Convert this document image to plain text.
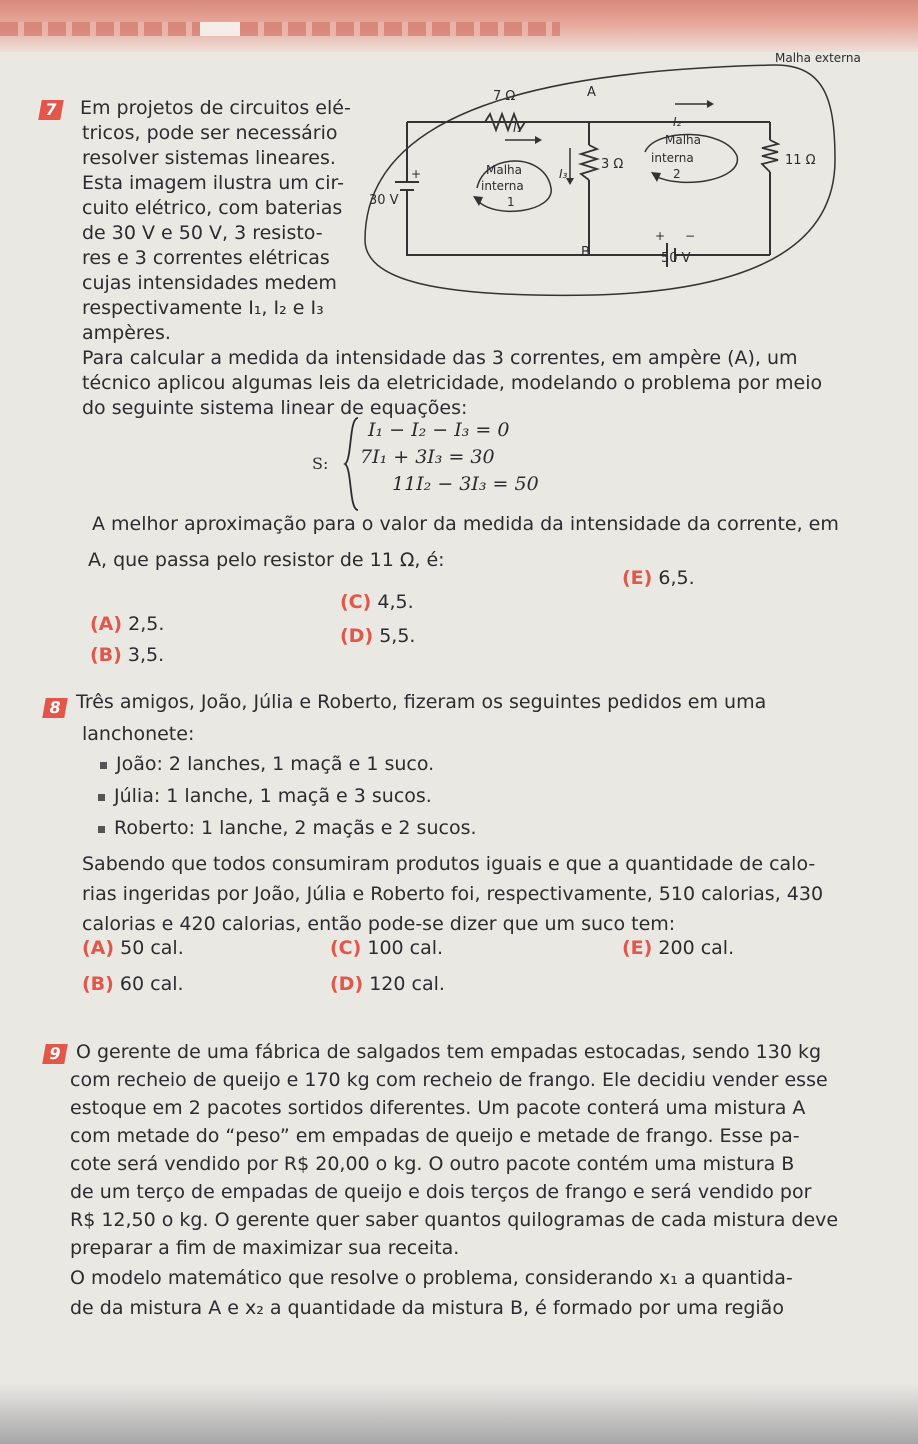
7 Em projetos de circuitos elé-
tricos, pode ser necessário
resolver sistemas lineares.
Esta imagem ilustra um cir-
cuito elétrico, com baterias
de 30 V e 50 V, 3 resisto-
res e 3 correntes elétricas
cujas intensidades medem
respectivamente I₁, I₂ e I₃
ampères.
Malha externa
7 Ω	A
I₁	I₂
I₃
3 Ω	11 Ω
Malha
interna
1
Malha
interna
2
30 V
+
+ −
B	50 V
Para calcular a medida da intensidade das 3 correntes, em ampère (A), um
técnico aplicou algumas leis da eletricidade, modelando o problema por meio
do seguinte sistema linear de equações:
S:
I₁ − I₂ − I₃ = 0
7I₁ + 3I₃ = 30
11I₂ − 3I₃ = 50
A melhor aproximação para o valor da medida da intensidade da corrente, em
A, que passa pelo resistor de 11 Ω, é:
(A) 2,5.
(B) 3,5.
(C) 4,5.
(D) 5,5.
(E) 6,5.
8 Três amigos, João, Júlia e Roberto, fizeram os seguintes pedidos em uma
lanchonete:
João: 2 lanches, 1 maçã e 1 suco.
Júlia: 1 lanche, 1 maçã e 3 sucos.
Roberto: 1 lanche, 2 maçãs e 2 sucos.
Sabendo que todos consumiram produtos iguais e que a quantidade de calo-
rias ingeridas por João, Júlia e Roberto foi, respectivamente, 510 calorias, 430
calorias e 420 calorias, então pode-se dizer que um suco tem:
(A) 50 cal.
(B) 60 cal.
(C) 100 cal.
(D) 120 cal.
(E) 200 cal.
9 O gerente de uma fábrica de salgados tem empadas estocadas, sendo 130 kg
com recheio de queijo e 170 kg com recheio de frango. Ele decidiu vender esse
estoque em 2 pacotes sortidos diferentes. Um pacote conterá uma mistura A
com metade do “peso” em empadas de queijo e metade de frango. Esse pa-
cote será vendido por R$ 20,00 o kg. O outro pacote contém uma mistura B
de um terço de empadas de queijo e dois terços de frango e será vendido por
R$ 12,50 o kg. O gerente quer saber quantos quilogramas de cada mistura deve
preparar a fim de maximizar sua receita.
O modelo matemático que resolve o problema, considerando x₁ a quantida-
de da mistura A e x₂ a quantidade da mistura B, é formado por uma região
